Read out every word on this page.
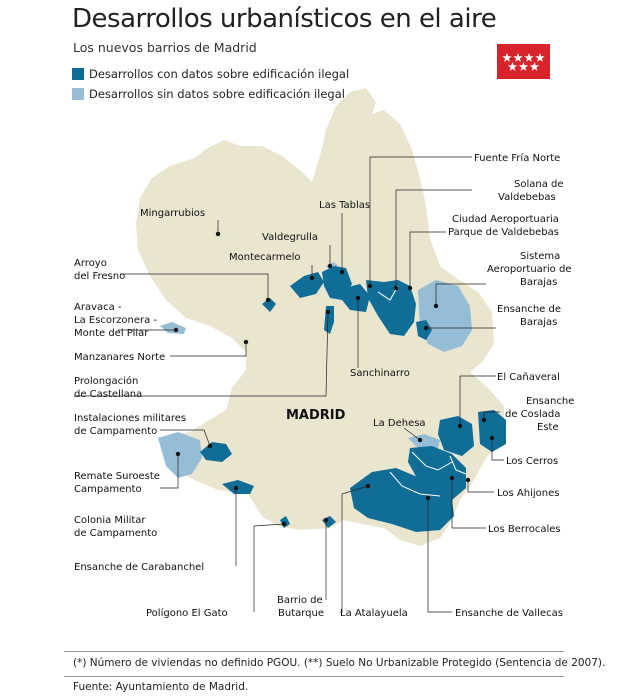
Desarrollos urbanísticos en el aire
Los nuevos barrios de Madrid
Desarrollos con datos sobre edificación ilegal
Desarrollos sin datos sobre edificación ilegal
MADRID
Fuente Fría Norte
Solana de
Valdebebas
Ciudad Aeroportuaria
Parque de Valdebebas
Sistema
Aeroportuario de
Barajas
Ensanche de
Barajas
El Cañaveral
Ensanche
de Coslada
Este
Los Cerros
Los Ahijones
Los Berrocales
Ensanche de Vallecas
La Atalayuela
Barrio de
Butarque
Polígono El Gato
Ensanche de Carabanchel
Colonia Militar
de Campamento
Remate Suroeste
Campamento
Instalaciones militares
de Campamento
Prolongación
de Castellana
Manzanares Norte
Aravaca -
La Escorzonera -
Monte del Pilar
Arroyo
del Fresno
Mingarrubios
Montecarmelo
Valdegrulla
Las Tablas
Sanchinarro
La Dehesa
(*) Número de viviendas no definido PGOU. (**) Suelo No Urbanizable Protegido (Sentencia de 2007).
Fuente: Ayuntamiento de Madrid.
